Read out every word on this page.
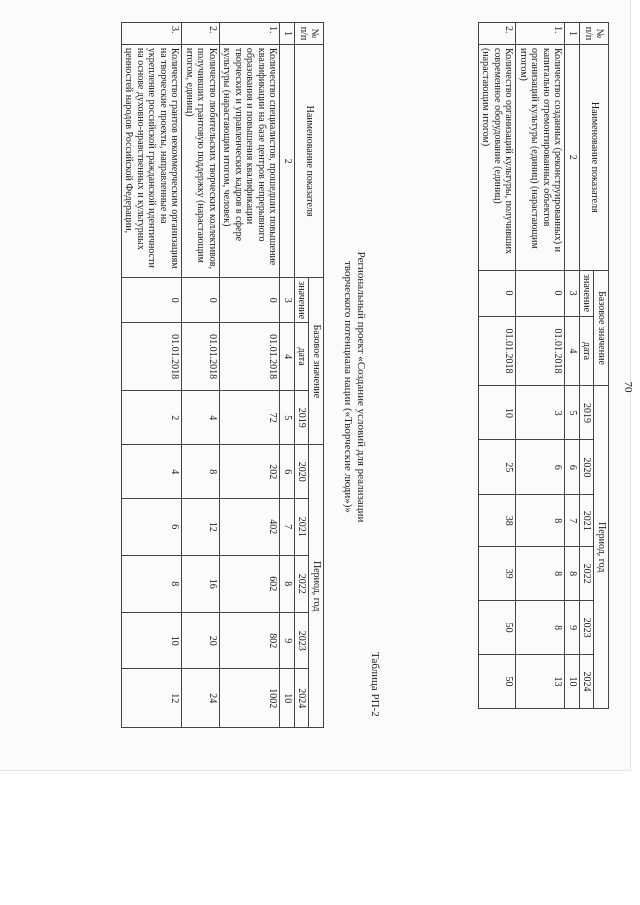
70
№ п/п	Наименование показателя	Базовое значение		Период, год					
		значение	дата	2019	2020	2021	2022	2023	2024
1	2	3	4	5	6	7	8	9	10
1.	Количество созданных (реконструированных) и капитально отремонтированных объектов организаций культуры (единиц) (нарастающим итогом)	0	01.01.2018	3	6	8	8	8	13
2.	Количество организаций культуры, получивших современное оборудование (единиц) (нарастающим итогом)	0	01.01.2018	10	25	38	39	50	50
Таблица РП-2
Региональный проект «Создание условий для реализации
творческого потенциала нации («Творческие люди»)»
№ п/п	Наименование показателя	Базовое значение			Период, год				
		значение	дата	2019	2020	2021	2022	2023	2024
1	2	3	4	5	6	7	8	9	10
1.	Количество специалистов, прошедших повышение квалификации на базе центров непрерывного образования и повышения квалификации творческих и управленческих кадров в сфере культуры (нарастающим итогом, человек)	0	01.01.2018	72	202	402	602	802	1002
2.	Количество любительских творческих коллективов, получивших грантовую поддержку (нарастающим итогом, единиц)	0	01.01.2018	4	8	12	16	20	24
3.	Количество грантов некоммерческим организациям на творческие проекты, направленные на укрепление российской гражданской идентичности на основе духовно-нравственных и культурных ценностей народов Российской Федерации,	0	01.01.2018	2	4	6	8	10	12
